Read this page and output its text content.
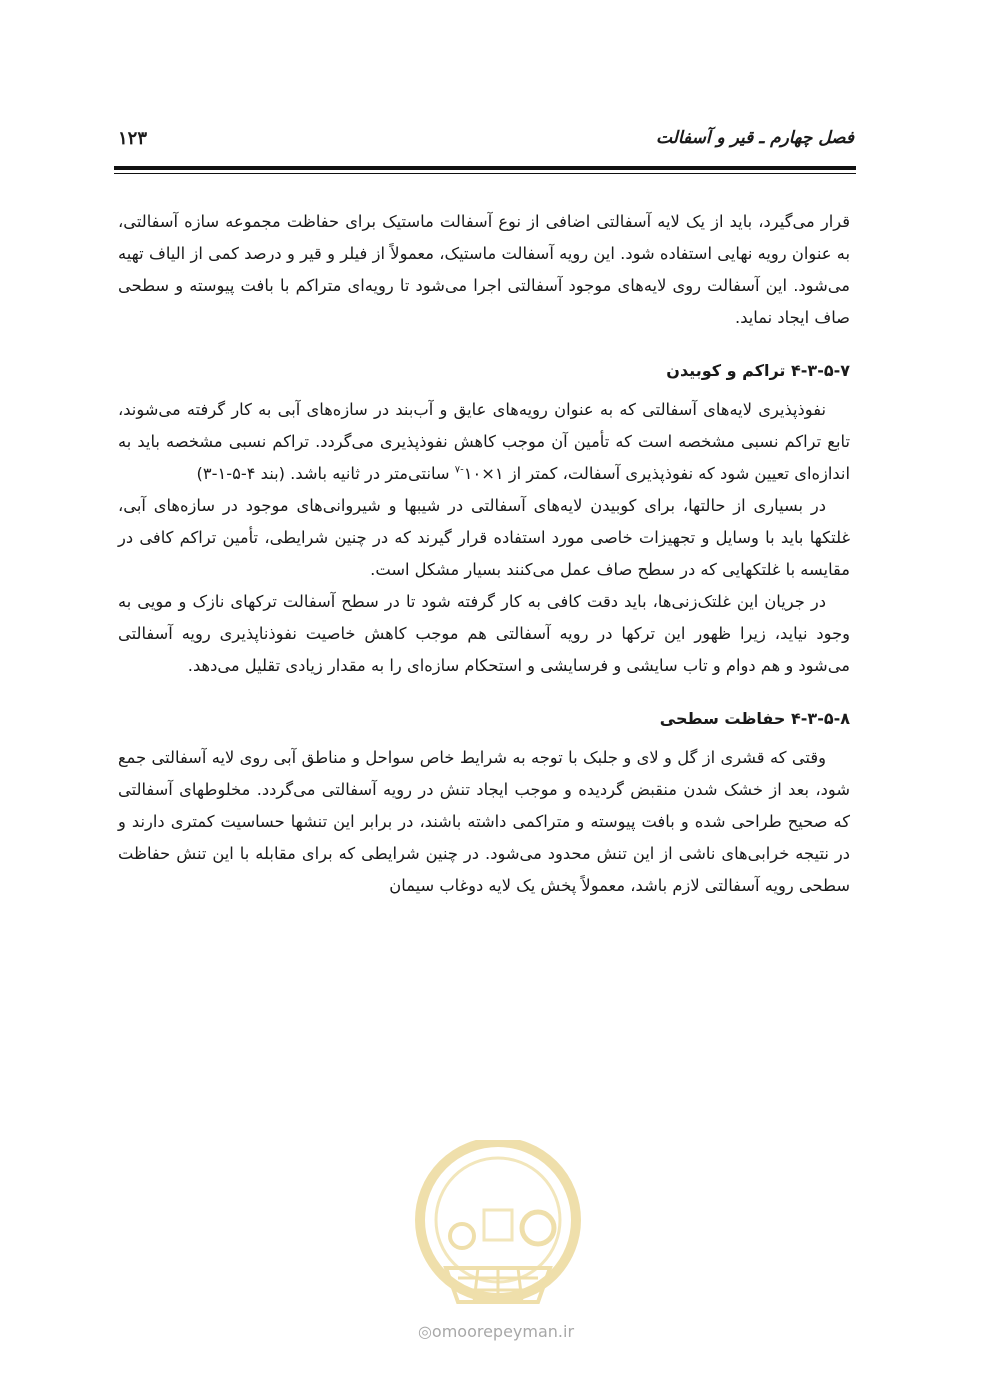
فصل چهارم ـ قیر و آسفالت
۱۲۳

قرار می‌گیرد، باید از یک لایه آسفالتی اضافی از نوع آسفالت ماستیک برای حفاظت مجموعه سازه آسفالتی، به عنوان رویه نهایی استفاده شود. این رویه آسفالت ماستیک، معمولاً از فیلر و قیر و درصد کمی از الیاف تهیه می‌شود. این آسفالت روی لایه‌های موجود آسفالتی اجرا می‌شود تا رویه‌ای متراکم با بافت پیوسته و سطحی صاف ایجاد نماید.

۴-۳-۵-۷ تراکم و کوبیدن

نفوذپذیری لایه‌های آسفالتی که به عنوان رویه‌های عایق و آب‌بند در سازه‌های آبی به کار گرفته می‌شوند، تابع تراکم نسبی مشخصه است که تأمین آن موجب کاهش نفوذپذیری می‌گردد. تراکم نسبی مشخصه باید به اندازه‌ای تعیین شود که نفوذپذیری آسفالت، کمتر از $۱\times ۱۰^{-۷}$ سانتی‌متر در ثانیه باشد. (بند ۴-۵-۱-۳)

در بسیاری از حالتها، برای کوبیدن لایه‌های آسفالتی در شیبها و شیروانی‌های موجود در سازه‌های آبی، غلتکها باید با وسایل و تجهیزات خاصی مورد استفاده قرار گیرند که در چنین شرایطی، تأمین تراکم کافی در مقایسه با غلتکهایی که در سطح صاف عمل می‌کنند بسیار مشکل است.

در جریان این غلتک‌زنی‌ها، باید دقت کافی به کار گرفته شود تا در سطح آسفالت ترکهای نازک و مویی به وجود نیاید، زیرا ظهور این ترکها در رویه آسفالتی هم موجب کاهش خاصیت نفوذناپذیری رویه آسفالتی می‌شود و هم دوام و تاب سایشی و فرسایشی و استحکام سازه‌ای را به مقدار زیادی تقلیل می‌دهد.

۴-۳-۵-۸ حفاظت سطحی

وقتی که قشری از گل و لای و جلبک با توجه به شرایط خاص سواحل و مناطق آبی روی لایه آسفالتی جمع شود، بعد از خشک شدن منقبض گردیده و موجب ایجاد تنش در رویه آسفالتی می‌گردد. مخلوطهای آسفالتی که صحیح طراحی شده و بافت پیوسته و متراکمی داشته باشند، در برابر این تنشها حساسیت کمتری دارند و در نتیجه خرابی‌های ناشی از این تنش محدود می‌شود. در چنین شرایطی که برای مقابله با این تنش حفاظت سطحی رویه آسفالتی لازم باشد، معمولاً پخش یک لایه دوغاب سیمان

◎omoorepeyman.ir
